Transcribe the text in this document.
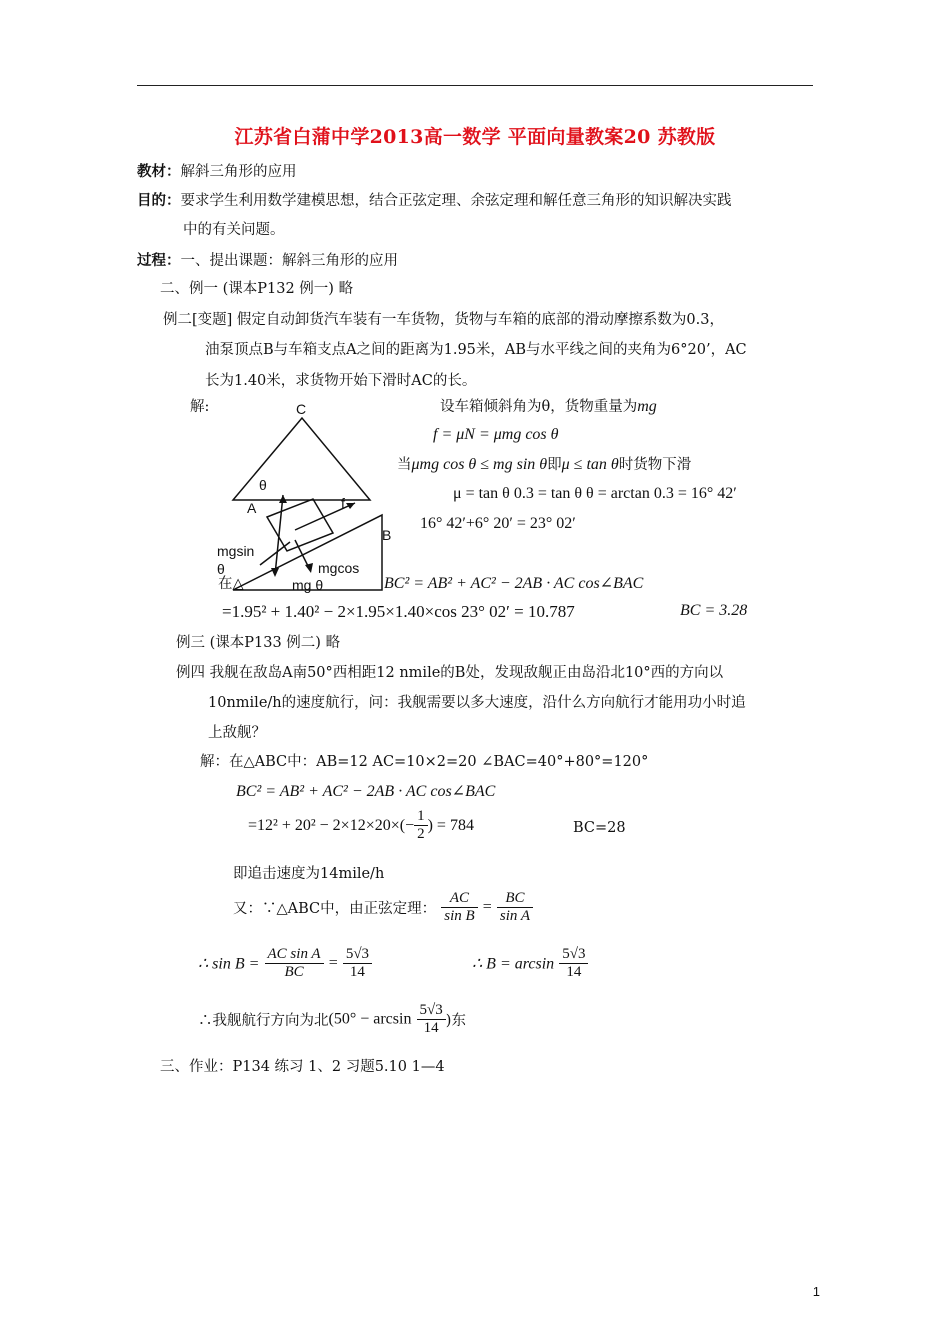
江苏省白蒲中学2013高一数学 平面向量教案20 苏教版
教材：解斜三角形的应用
目的：要求学生利用数学建模思想，结合正弦定理、余弦定理和解任意三角形的知识解决实践
中的有关问题。
过程：一、提出课题：解斜三角形的应用
二、例一 (课本P132 例一) 略
例二[变题] 假定自动卸货汽车装有一车货物，货物与车箱的底部的滑动摩擦系数为0.3，
油泵顶点B与车箱支点A之间的距离为1.95米，AB与水平线之间的夹角为6°20’，AC
长为1.40米，求货物开始下滑时AC的长。
解:	设车箱倾斜角为θ，货物重量为mg
C
θ
A	f
B
mgsin
θ	mgcos
mg θ
f = μN = μmg cos θ
当μmg cos θ ≤ mg sin θ即μ ≤ tan θ时货物下滑
μ = tan θ 0.3 = tan θ θ = arctan 0.3 = 16° 42′
16° 42′+6° 20′ = 23° 02′
在△	BC² = AB² + AC² − 2AB · AC cos∠BAC
=1.95² + 1.40² − 2×1.95×1.40×cos 23° 02′ = 10.787	BC = 3.28
例三 (课本P133 例二) 略
例四 我舰在敌岛A南50°西相距12 nmile的B处，发现敌舰正由岛沿北10°西的方向以
10nmile/h的速度航行，问：我舰需要以多大速度，沿什么方向航行才能用功小时追
上敌舰？
解：在△ABC中：AB=12 AC=10×2=20 ∠BAC=40°+80°=120°
BC² = AB² + AC² − 2AB · AC cos∠BAC
$=12^2 + 20^2 - 2\times 12\times 20\times(- \frac{1}{2}$ ) = 784	BC=28
即追击速度为14mile/h
又：∵△ABC中，由正弦定理： $\frac{AC}{\text{sin B}} = \frac{BC}{\text{sin A}}$
∴ $\sin B = \frac{\text{AC sin A}}{BC} = \frac{5√3}{14}$	∴ $B = \arcsin \frac{5√3}{14}$
∴我舰航行方向为北($50^\circ - \arcsin \frac{5√3}{14}$ )东
三、作业：P134 练习 1、2 习题5.10 1—4
1
